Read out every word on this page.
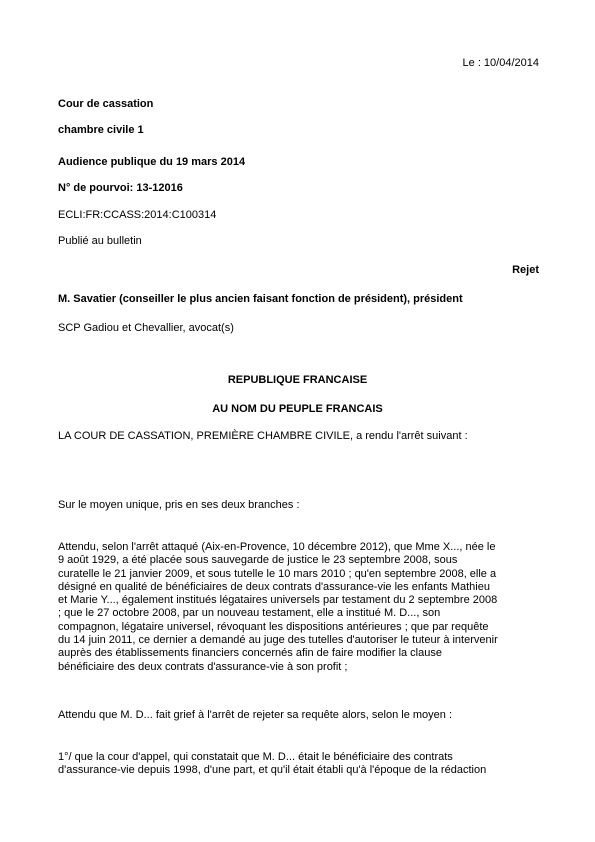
Le : 10/04/2014
Cour de cassation
chambre civile 1
Audience publique du 19 mars 2014
N° de pourvoi: 13-12016
ECLI:FR:CCASS:2014:C100314
Publié au bulletin
Rejet
M. Savatier (conseiller le plus ancien faisant fonction de président), président
SCP Gadiou et Chevallier, avocat(s)
REPUBLIQUE FRANCAISE
AU NOM DU PEUPLE FRANCAIS
LA COUR DE CASSATION, PREMIÈRE CHAMBRE CIVILE, a rendu l'arrêt suivant :
Sur le moyen unique, pris en ses deux branches :
Attendu, selon l'arrêt attaqué (Aix-en-Provence, 10 décembre 2012), que Mme X..., née le
9 août 1929, a été placée sous sauvegarde de justice le 23 septembre 2008, sous
curatelle le 21 janvier 2009, et sous tutelle le 10 mars 2010 ; qu'en septembre 2008, elle a
désigné en qualité de bénéficiaires de deux contrats d'assurance-vie les enfants Mathieu
et Marie Y..., également institués légataires universels par testament du 2 septembre 2008
; que le 27 octobre 2008, par un nouveau testament, elle a institué M. D..., son
compagnon, légataire universel, révoquant les dispositions antérieures ; que par requête
du 14 juin 2011, ce dernier a demandé au juge des tutelles d'autoriser le tuteur à intervenir
auprès des établissements financiers concernés afin de faire modifier la clause
bénéficiaire des deux contrats d'assurance-vie à son profit ;
Attendu que M. D... fait grief à l'arrêt de rejeter sa requête alors, selon le moyen :
1°/ que la cour d'appel, qui constatait que M. D... était le bénéficiaire des contrats
d'assurance-vie depuis 1998, d'une part, et qu'il était établi qu'à l'époque de la rédaction
